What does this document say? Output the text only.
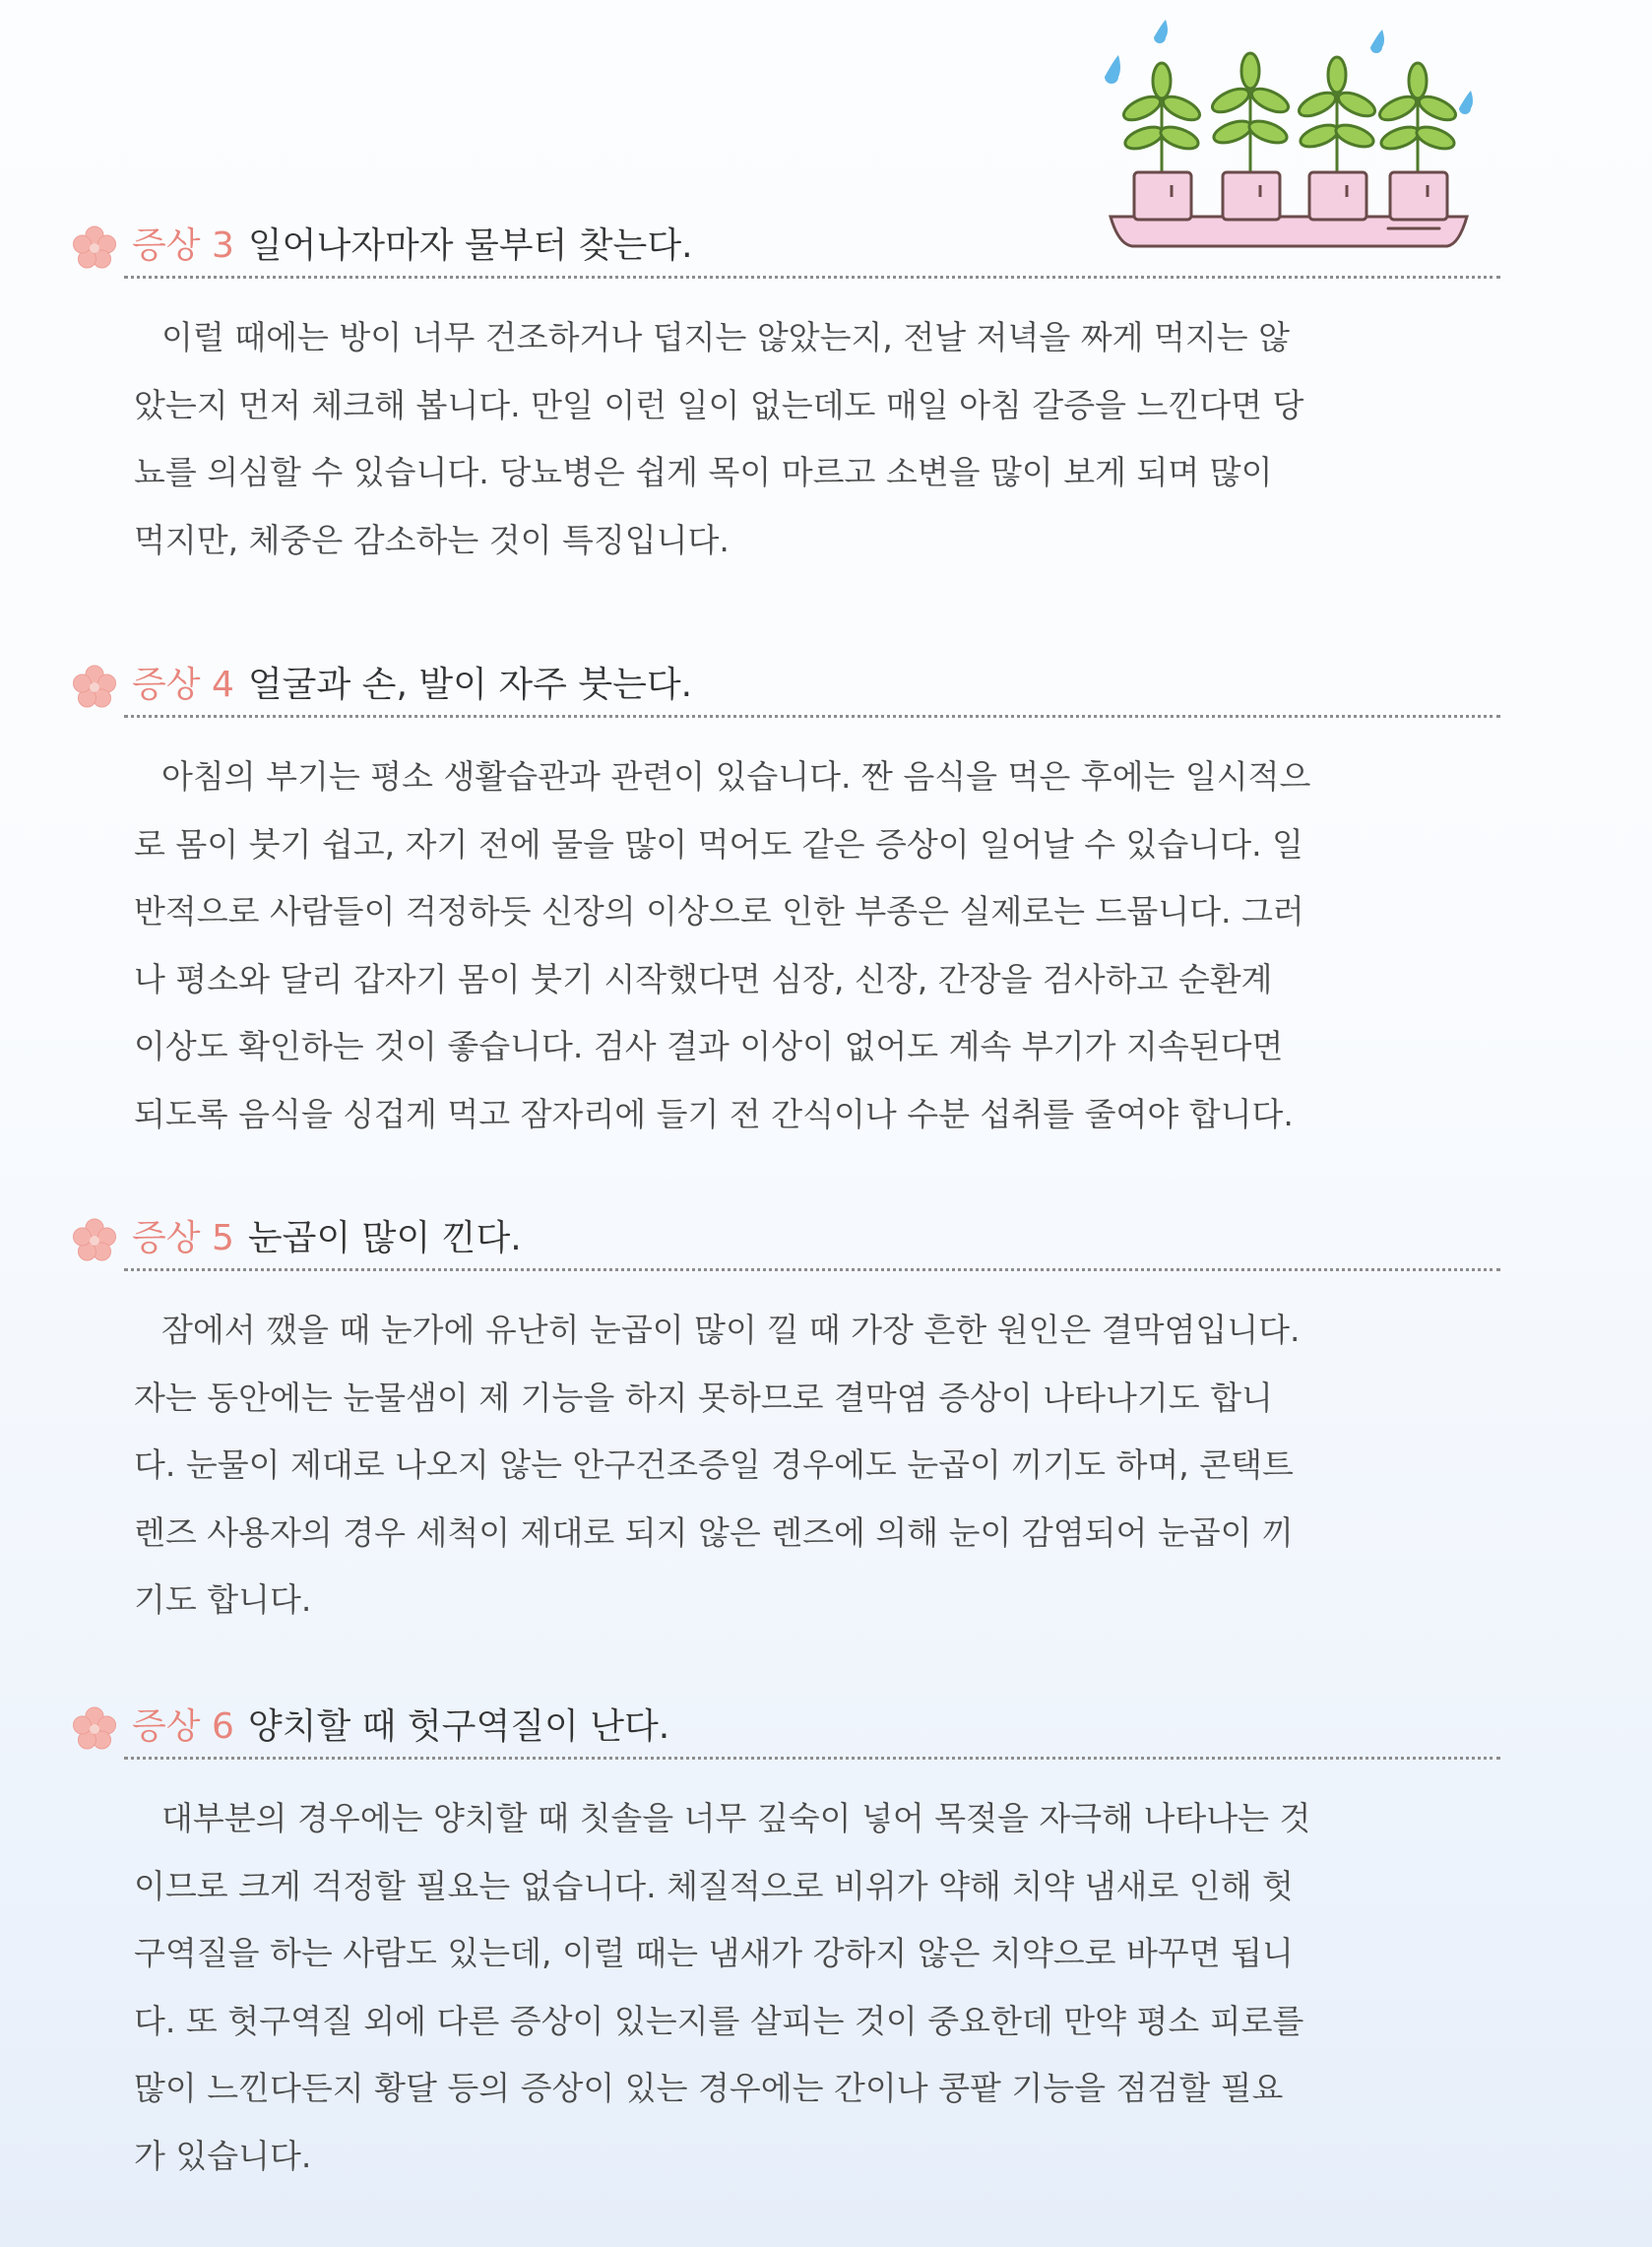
증상 3 일어나자마자 물부터 찾는다.
이럴 때에는 방이 너무 건조하거나 덥지는 않았는지, 전날 저녁을 짜게 먹지는 않
았는지 먼저 체크해 봅니다. 만일 이런 일이 없는데도 매일 아침 갈증을 느낀다면 당
뇨를 의심할 수 있습니다. 당뇨병은 쉽게 목이 마르고 소변을 많이 보게 되며 많이
먹지만, 체중은 감소하는 것이 특징입니다.
증상 4 얼굴과 손, 발이 자주 붓는다.
아침의 부기는 평소 생활습관과 관련이 있습니다. 짠 음식을 먹은 후에는 일시적으
로 몸이 붓기 쉽고, 자기 전에 물을 많이 먹어도 같은 증상이 일어날 수 있습니다. 일
반적으로 사람들이 걱정하듯 신장의 이상으로 인한 부종은 실제로는 드뭅니다. 그러
나 평소와 달리 갑자기 몸이 붓기 시작했다면 심장, 신장, 간장을 검사하고 순환계
이상도 확인하는 것이 좋습니다. 검사 결과 이상이 없어도 계속 부기가 지속된다면
되도록 음식을 싱겁게 먹고 잠자리에 들기 전 간식이나 수분 섭취를 줄여야 합니다.
증상 5 눈곱이 많이 낀다.
잠에서 깼을 때 눈가에 유난히 눈곱이 많이 낄 때 가장 흔한 원인은 결막염입니다.
자는 동안에는 눈물샘이 제 기능을 하지 못하므로 결막염 증상이 나타나기도 합니
다. 눈물이 제대로 나오지 않는 안구건조증일 경우에도 눈곱이 끼기도 하며, 콘택트
렌즈 사용자의 경우 세척이 제대로 되지 않은 렌즈에 의해 눈이 감염되어 눈곱이 끼
기도 합니다.
증상 6 양치할 때 헛구역질이 난다.
대부분의 경우에는 양치할 때 칫솔을 너무 깊숙이 넣어 목젖을 자극해 나타나는 것
이므로 크게 걱정할 필요는 없습니다. 체질적으로 비위가 약해 치약 냄새로 인해 헛
구역질을 하는 사람도 있는데, 이럴 때는 냄새가 강하지 않은 치약으로 바꾸면 됩니
다. 또 헛구역질 외에 다른 증상이 있는지를 살피는 것이 중요한데 만약 평소 피로를
많이 느낀다든지 황달 등의 증상이 있는 경우에는 간이나 콩팥 기능을 점검할 필요
가 있습니다.
